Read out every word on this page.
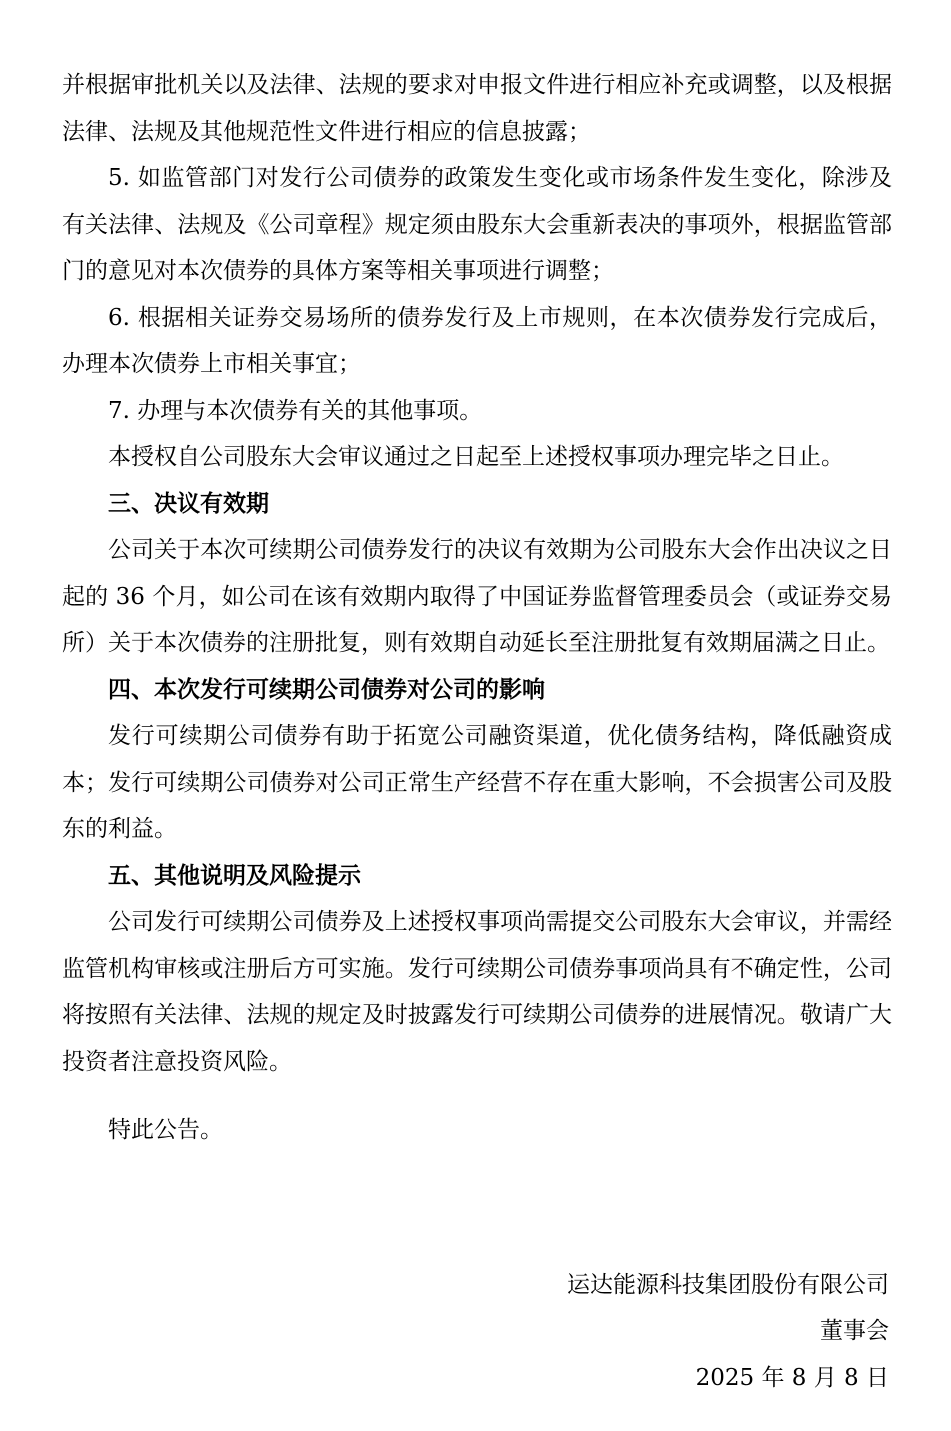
并根据审批机关以及法律、法规的要求对申报文件进行相应补充或调整，以及根据法律、法规及其他规范性文件进行相应的信息披露；

5. 如监管部门对发行公司债券的政策发生变化或市场条件发生变化，除涉及有关法律、法规及《公司章程》规定须由股东大会重新表决的事项外，根据监管部门的意见对本次债券的具体方案等相关事项进行调整；

6. 根据相关证券交易场所的债券发行及上市规则，在本次债券发行完成后，办理本次债券上市相关事宜；

7. 办理与本次债券有关的其他事项。

本授权自公司股东大会审议通过之日起至上述授权事项办理完毕之日止。

三、决议有效期

公司关于本次可续期公司债券发行的决议有效期为公司股东大会作出决议之日起的 36 个月，如公司在该有效期内取得了中国证券监督管理委员会（或证券交易所）关于本次债券的注册批复，则有效期自动延长至注册批复有效期届满之日止。

四、本次发行可续期公司债券对公司的影响

发行可续期公司债券有助于拓宽公司融资渠道，优化债务结构，降低融资成本；发行可续期公司债券对公司正常生产经营不存在重大影响，不会损害公司及股东的利益。

五、其他说明及风险提示

公司发行可续期公司债券及上述授权事项尚需提交公司股东大会审议，并需经监管机构审核或注册后方可实施。发行可续期公司债券事项尚具有不确定性，公司将按照有关法律、法规的规定及时披露发行可续期公司债券的进展情况。敬请广大投资者注意投资风险。

特此公告。

运达能源科技集团股份有限公司

董事会

2025 年 8 月 8 日
